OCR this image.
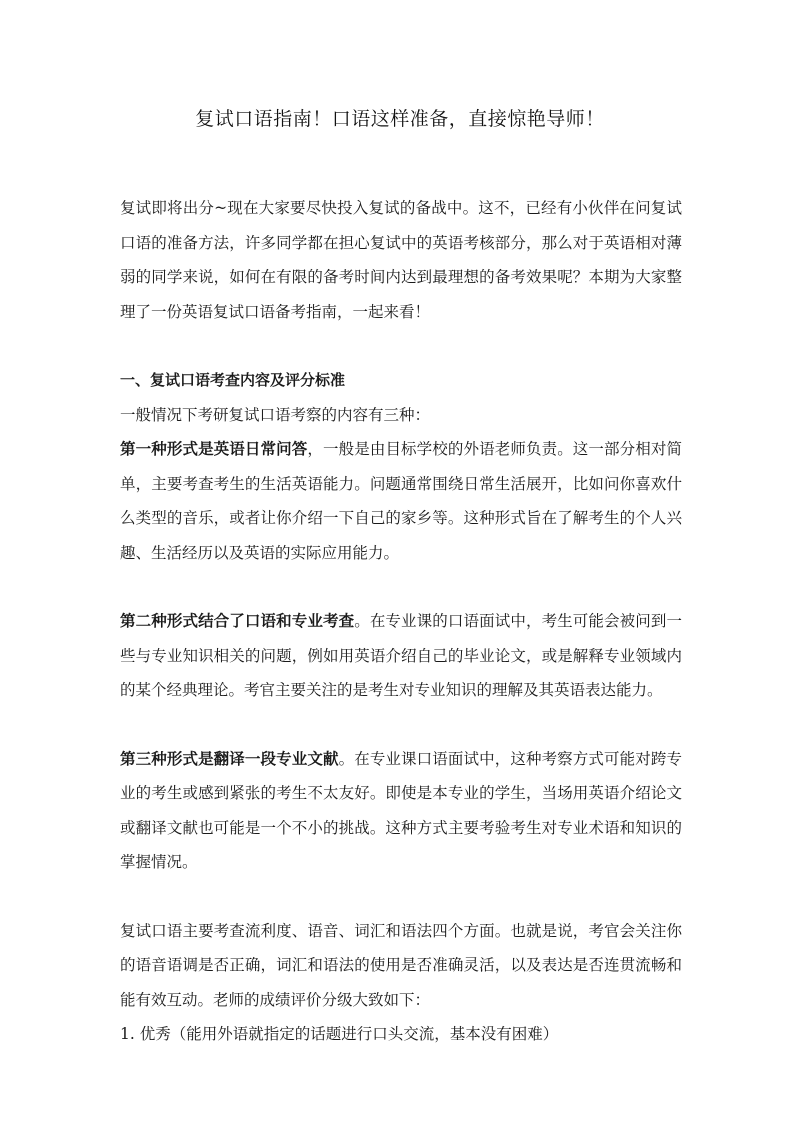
复试口语指南！口语这样准备，直接惊艳导师！

复试即将出分~现在大家要尽快投入复试的备战中。这不，已经有小伙伴在问复试口语的准备方法，许多同学都在担心复试中的英语考核部分，那么对于英语相对薄弱的同学来说，如何在有限的备考时间内达到最理想的备考效果呢？本期为大家整理了一份英语复试口语备考指南，一起来看！

一、复试口语考查内容及评分标准

一般情况下考研复试口语考察的内容有三种：

第一种形式是英语日常问答，一般是由目标学校的外语老师负责。这一部分相对简单，主要考查考生的生活英语能力。问题通常围绕日常生活展开，比如问你喜欢什么类型的音乐，或者让你介绍一下自己的家乡等。这种形式旨在了解考生的个人兴趣、生活经历以及英语的实际应用能力。

第二种形式结合了口语和专业考查。在专业课的口语面试中，考生可能会被问到一些与专业知识相关的问题，例如用英语介绍自己的毕业论文，或是解释专业领域内的某个经典理论。考官主要关注的是考生对专业知识的理解及其英语表达能力。

第三种形式是翻译一段专业文献。在专业课口语面试中，这种考察方式可能对跨专业的考生或感到紧张的考生不太友好。即使是本专业的学生，当场用英语介绍论文或翻译文献也可能是一个不小的挑战。这种方式主要考验考生对专业术语和知识的掌握情况。

复试口语主要考查流利度、语音、词汇和语法四个方面。也就是说，考官会关注你的语音语调是否正确，词汇和语法的使用是否准确灵活，以及表达是否连贯流畅和能有效互动。老师的成绩评价分级大致如下：

1. 优秀（能用外语就指定的话题进行口头交流，基本没有困难）
